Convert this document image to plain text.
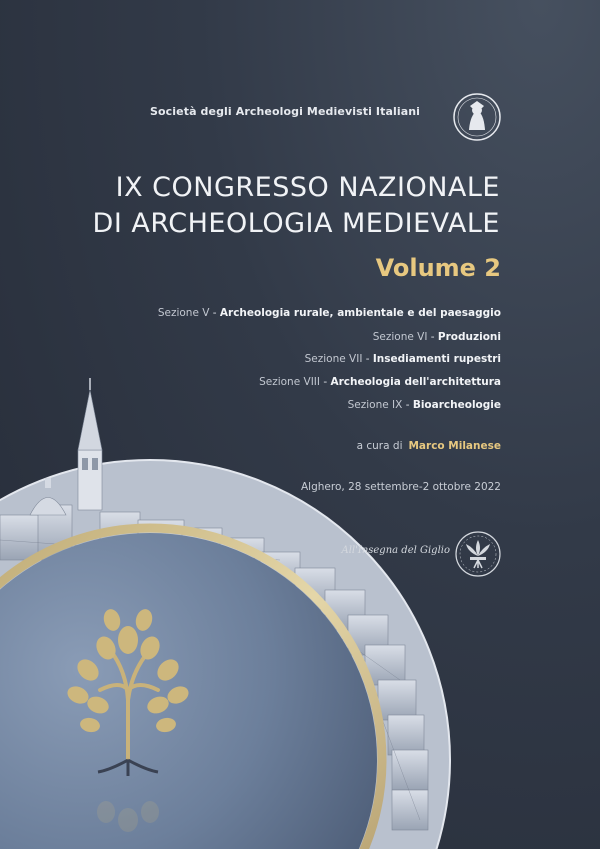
Società degli Archeologi Medievisti Italiani
IX CONGRESSO NAZIONALE
DI ARCHEOLOGIA MEDIEVALE
Volume 2
Sezione V - Archeologia rurale, ambientale e del paesaggio
Sezione VI - Produzioni
Sezione VII - Insediamenti rupestri
Sezione VIII - Archeologia dell'architettura
Sezione IX - Bioarcheologie
a cura di Marco Milanese
Alghero, 28 settembre-2 ottobre 2022
All'Insegna del Giglio
